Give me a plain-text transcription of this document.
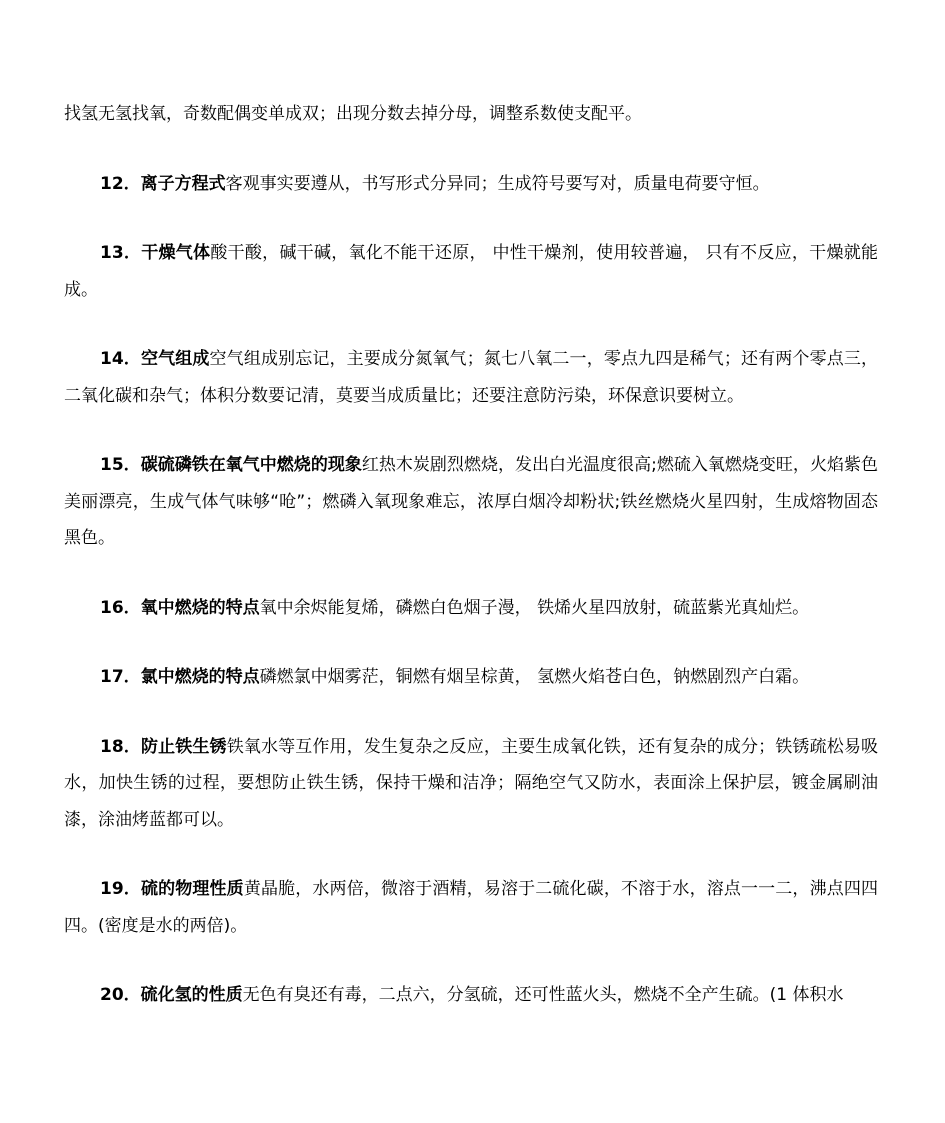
找氢无氢找氧，奇数配偶变单成双；出现分数去掉分母，调整系数使支配平。

12．离子方程式客观事实要遵从，书写形式分异同；生成符号要写对，质量电荷要守恒。

13．干燥气体酸干酸，碱干碱，氧化不能干还原， 中性干燥剂，使用较普遍， 只有不反应，干燥就能成。

14．空气组成空气组成别忘记，主要成分氮氧气；氮七八氧二一，零点九四是稀气；还有两个零点三， 二氧化碳和杂气；体积分数要记清，莫要当成质量比；还要注意防污染，环保意识要树立。

15．碳硫磷铁在氧气中燃烧的现象红热木炭剧烈燃烧，发出白光温度很高;燃硫入氧燃烧变旺，火焰紫色美丽漂亮，生成气体气味够“呛”；燃磷入氧现象难忘，浓厚白烟冷却粉状;铁丝燃烧火星四射，生成熔物固态黑色。

16．氧中燃烧的特点氧中余烬能复烯，磷燃白色烟子漫， 铁烯火星四放射，硫蓝紫光真灿烂。

17．氯中燃烧的特点磷燃氯中烟雾茫，铜燃有烟呈棕黄， 氢燃火焰苍白色，钠燃剧烈产白霜。

18．防止铁生锈铁氧水等互作用，发生复杂之反应，主要生成氧化铁，还有复杂的成分；铁锈疏松易吸水，加快生锈的过程，要想防止铁生锈，保持干燥和洁净；隔绝空气又防水，表面涂上保护层，镀金属刷油漆，涂油烤蓝都可以。

19．硫的物理性质黄晶脆，水两倍，微溶于酒精，易溶于二硫化碳，不溶于水，溶点一一二，沸点四四四。(密度是水的两倍)。

20．硫化氢的性质无色有臭还有毒，二点六，分氢硫，还可性蓝火头，燃烧不全产生硫。(1 体积水
